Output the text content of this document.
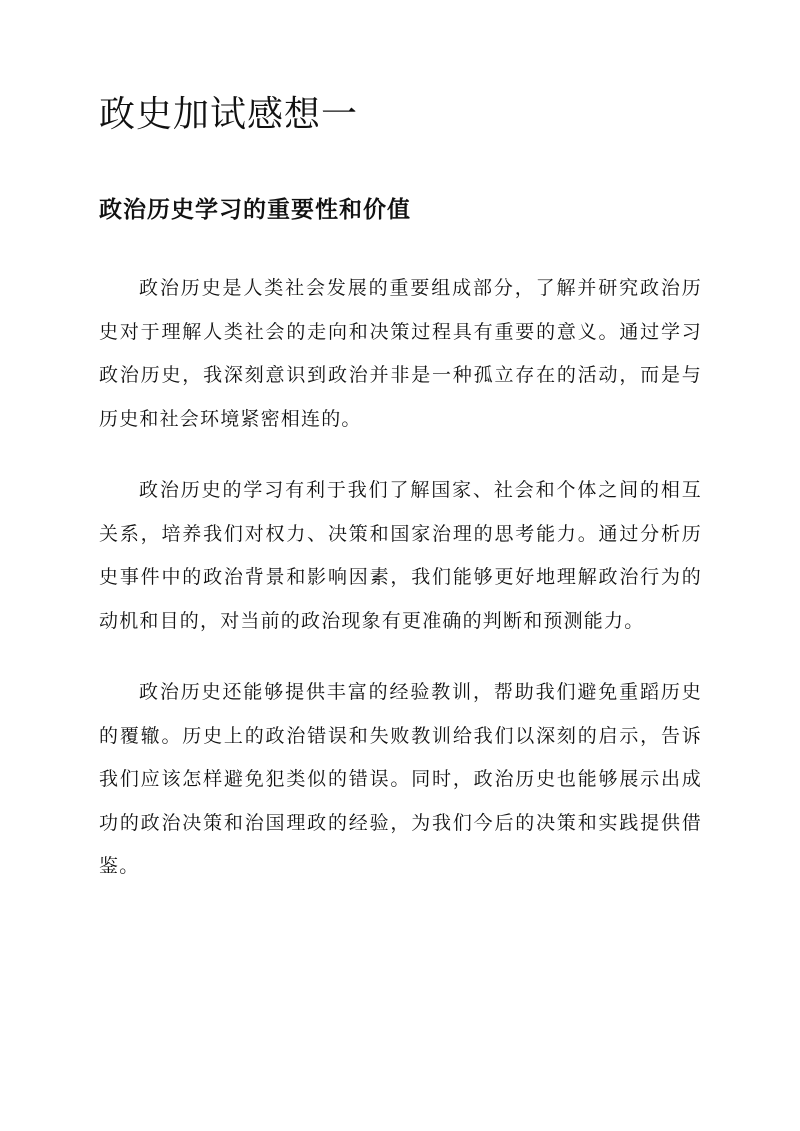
政史加试感想一
政治历史学习的重要性和价值

政治历史是人类社会发展的重要组成部分，了解并研究政治历史对于理解人类社会的走向和决策过程具有重要的意义。通过学习政治历史，我深刻意识到政治并非是一种孤立存在的活动，而是与历史和社会环境紧密相连的。

政治历史的学习有利于我们了解国家、社会和个体之间的相互关系，培养我们对权力、决策和国家治理的思考能力。通过分析历史事件中的政治背景和影响因素，我们能够更好地理解政治行为的动机和目的，对当前的政治现象有更准确的判断和预测能力。

政治历史还能够提供丰富的经验教训，帮助我们避免重蹈历史的覆辙。历史上的政治错误和失败教训给我们以深刻的启示，告诉我们应该怎样避免犯类似的错误。同时，政治历史也能够展示出成功的政治决策和治国理政的经验，为我们今后的决策和实践提供借鉴。
